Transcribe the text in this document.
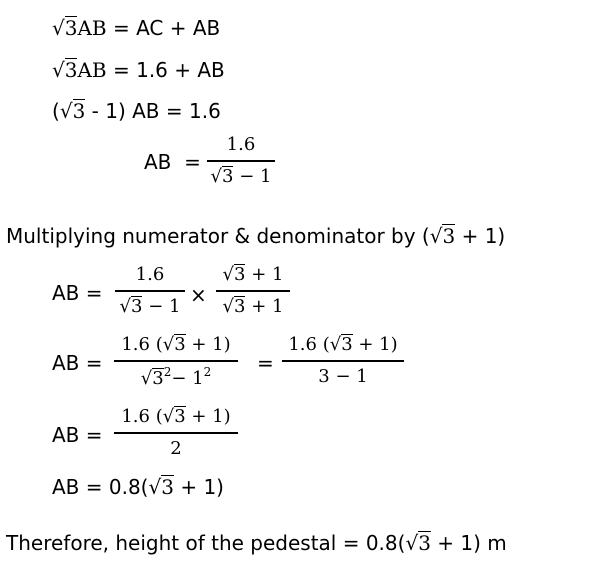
√3AB = AC + AB
√3AB = 1.6 + AB
(√3 - 1) AB = 1.6
AB  =
1.6
√3 − 1
Multiplying numerator & denominator by (√3 + 1)
AB =
1.6
√3 − 1 ×
√3 + 1
√3 + 1
AB =
1.6 (√3 + 1)
$√3^2- 1^2$	=
1.6 (√3 + 1)
3 − 1
AB =
1.6 (√3 + 1)
2
AB = 0.8(√3 + 1)
Therefore, height of the pedestal = 0.8(√3 + 1) m
